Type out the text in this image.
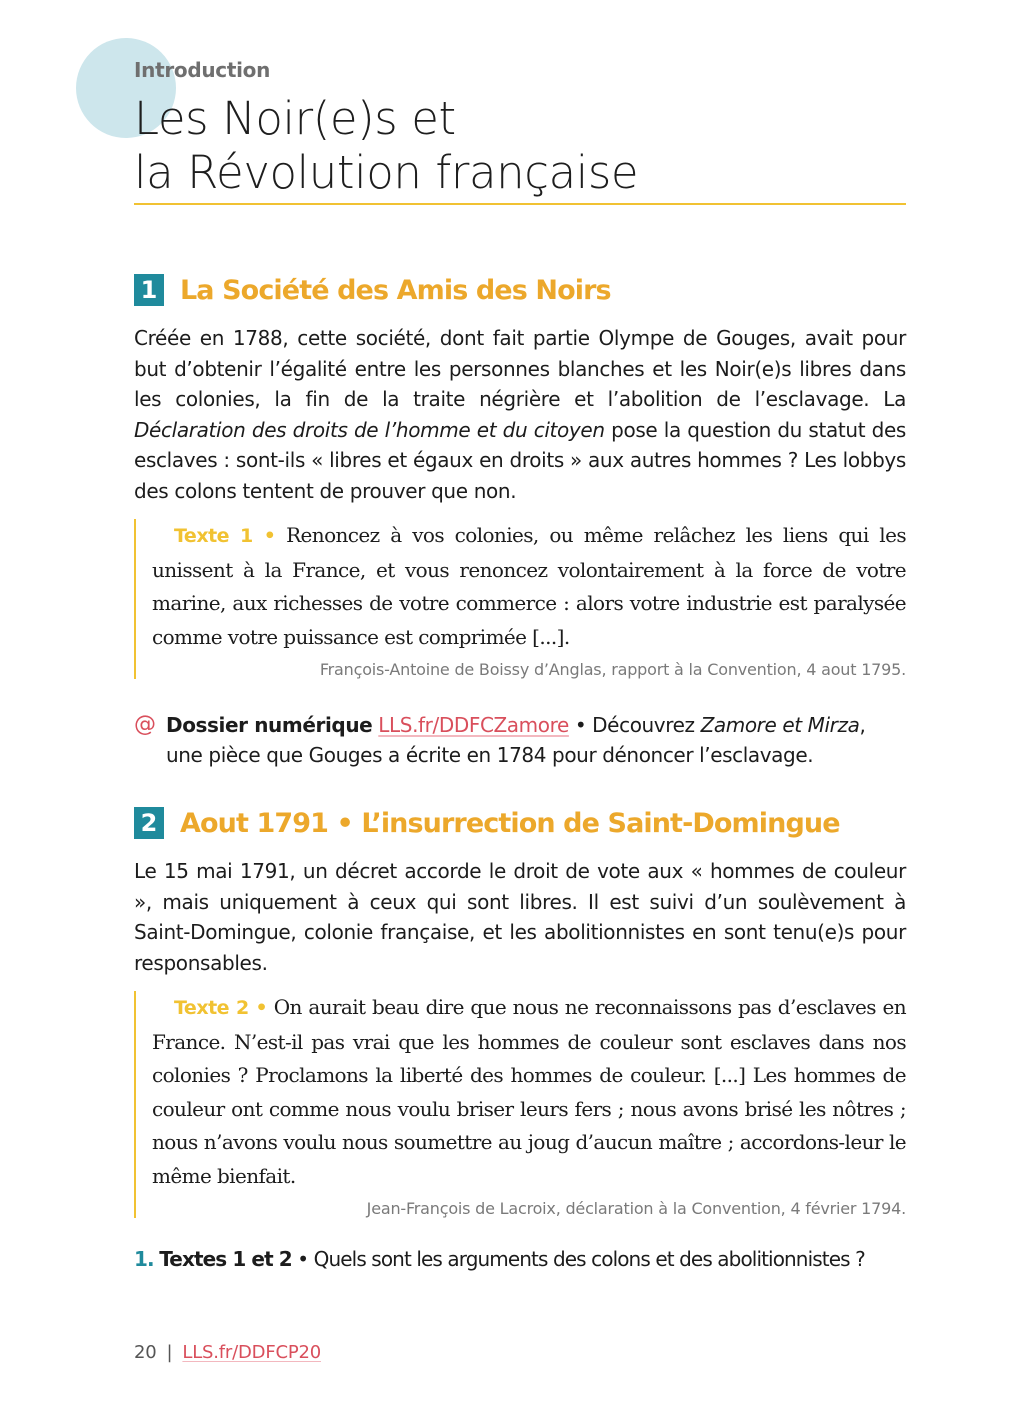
Introduction
Les Noir(e)s et
la Révolution française
1 La Société des Amis des Noirs

Créée en 1788, cette société, dont fait partie Olympe de Gouges, avait pour but d’obtenir l’égalité entre les personnes blanches et les Noir(e)s libres dans les colonies, la fin de la traite négrière et l’abolition de l’esclavage. La Déclaration des droits de l’homme et du citoyen pose la question du statut des esclaves : sont-ils « libres et égaux en droits » aux autres hommes ? Les lobbys des colons tentent de prouver que non.

Texte 1 • Renoncez à vos colonies, ou même relâchez les liens qui les unissent à la France, et vous renoncez volontairement à la force de votre marine, aux richesses de votre commerce : alors votre industrie est paralysée comme votre puissance est comprimée [...].

François-Antoine de Boissy d’Anglas, rapport à la Convention, 4 aout 1795.
@ Dossier numérique LLS.fr/DDFCZamore • Découvrez Zamore et Mirza, une pièce que Gouges a écrite en 1784 pour dénoncer l’esclavage.

2 Aout 1791 • L’insurrection de Saint-Domingue

Le 15 mai 1791, un décret accorde le droit de vote aux « hommes de couleur », mais uniquement à ceux qui sont libres. Il est suivi d’un soulèvement à Saint-Domingue, colonie française, et les abolitionnistes en sont tenu(e)s pour responsables.

Texte 2 • On aurait beau dire que nous ne reconnaissons pas d’esclaves en France. N’est-il pas vrai que les hommes de couleur sont esclaves dans nos colonies ? Proclamons la liberté des hommes de couleur. [...] Les hommes de couleur ont comme nous voulu briser leurs fers ; nous avons brisé les nôtres ; nous n’avons voulu nous soumettre au joug d’aucun maître ; accordons-leur le même bienfait.

Jean-François de Lacroix, déclaration à la Convention, 4 février 1794.

1. Textes 1 et 2 • Quels sont les arguments des colons et des abolitionnistes ?

20 | LLS.fr/DDFCP20
